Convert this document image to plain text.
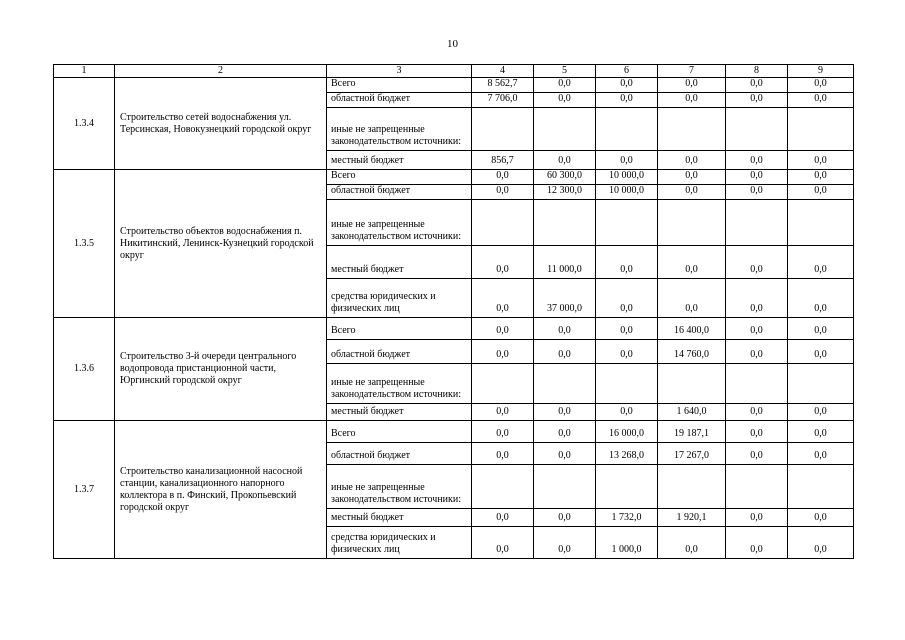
10
1	2	3	4	5	6	7	8	9
1.3.4	Строительство сетей водоснабжения ул. Терсинская, Новокузнецкий городской округ	Всего	8 562,7	0,0	0,0	0,0	0,0	0,0
		областной бюджет	7 706,0	0,0	0,0	0,0	0,0	0,0
		иные не запрещенные законодательством источники:						
		местный бюджет	856,7	0,0	0,0	0,0	0,0	0,0
1.3.5	Строительство объектов водоснабжения п. Никитинский, Ленинск-Кузнецкий городской округ	Всего	0,0	60 300,0	10 000,0	0,0	0,0	0,0
		областной бюджет	0,0	12 300,0	10 000,0	0,0	0,0	0,0
		иные не запрещенные законодательством источники:						
		местный бюджет	0,0	11 000,0	0,0	0,0	0,0	0,0
		средства юридических и физических лиц	0,0	37 000,0	0,0	0,0	0,0	0,0
1.3.6	Строительство 3-й очереди центрального водопровода пристанционной части, Юргинский городской округ	Всего	0,0	0,0	0,0	16 400,0	0,0	0,0
		областной бюджет	0,0	0,0	0,0	14 760,0	0,0	0,0
		иные не запрещенные законодательством источники:						
		местный бюджет	0,0	0,0	0,0	1 640,0	0,0	0,0
1.3.7	Строительство канализационной насосной станции, канализационного напорного коллектора в п. Финский, Прокопьевский городской округ	Всего	0,0	0,0	16 000,0	19 187,1	0,0	0,0
		областной бюджет	0,0	0,0	13 268,0	17 267,0	0,0	0,0
		иные не запрещенные законодательством источники:						
		местный бюджет	0,0	0,0	1 732,0	1 920,1	0,0	0,0
		средства юридических и физических лиц	0,0	0,0	1 000,0	0,0	0,0	0,0
